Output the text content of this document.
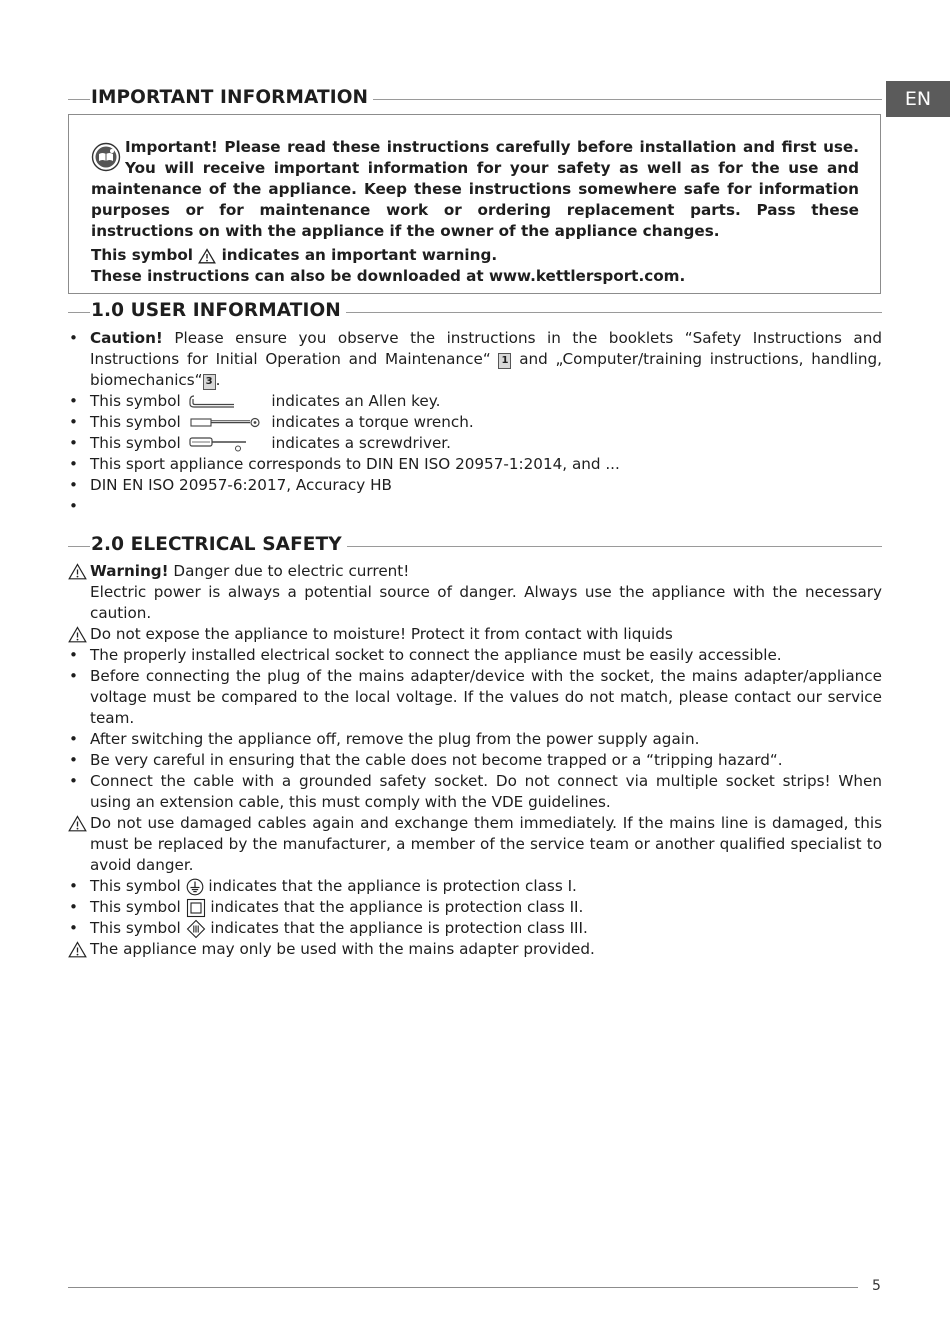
EN
IMPORTANT INFORMATION
Important! Please read these instructions carefully before installation and first use. You will receive important information for your safety as well as for the use and maintenance of the appliance. Keep these instructions somewhere safe for information purposes or for maintenance work or ordering replacement parts. Pass these instructions on with the appliance if the owner of the appliance changes.
This symbol indicates an important warning.
These instructions can also be downloaded at www.kettlersport.com.
1.0 USER INFORMATION
• Caution! Please ensure you observe the instructions in the booklets “Safety Instructions and Instructions for Initial Operation and Maintenance“ 1 and „Computer/training instructions, handling, biomechanics“ 3 .
• This symbol	indicates an Allen key.
• This symbol	indicates a torque wrench.
• This symbol	indicates a screwdriver.
• This sport appliance corresponds to DIN EN ISO 20957-1:2014, and ...
• DIN EN ISO 20957-6:2017, Accuracy HB
•

2.0 ELECTRICAL SAFETY
Warning! Danger due to electric current!
Electric power is always a potential source of danger. Always use the appliance with the necessary caution.
Do not expose the appliance to moisture! Protect it from contact with liquids
• The properly installed electrical socket to connect the appliance must be easily accessible.
• Before connecting the plug of the mains adapter/device with the socket, the mains adapter/appliance voltage must be compared to the local voltage. If the values do not match, please contact our service team.
• After switching the appliance off, remove the plug from the power supply again.
• Be very careful in ensuring that the cable does not become trapped or a “tripping hazard“.
• Connect the cable with a grounded safety socket. Do not connect via multiple socket strips! When using an extension cable, this must comply with the VDE guidelines.
Do not use damaged cables again and exchange them immediately. If the mains line is damaged, this must be replaced by the manufacturer, a member of the service team or another qualified specialist to avoid danger.
• This symbol indicates that the appliance is protection class I.
• This symbol indicates that the appliance is protection class II.
• This symbol indicates that the appliance is protection class III.
The appliance may only be used with the mains adapter provided.
5
